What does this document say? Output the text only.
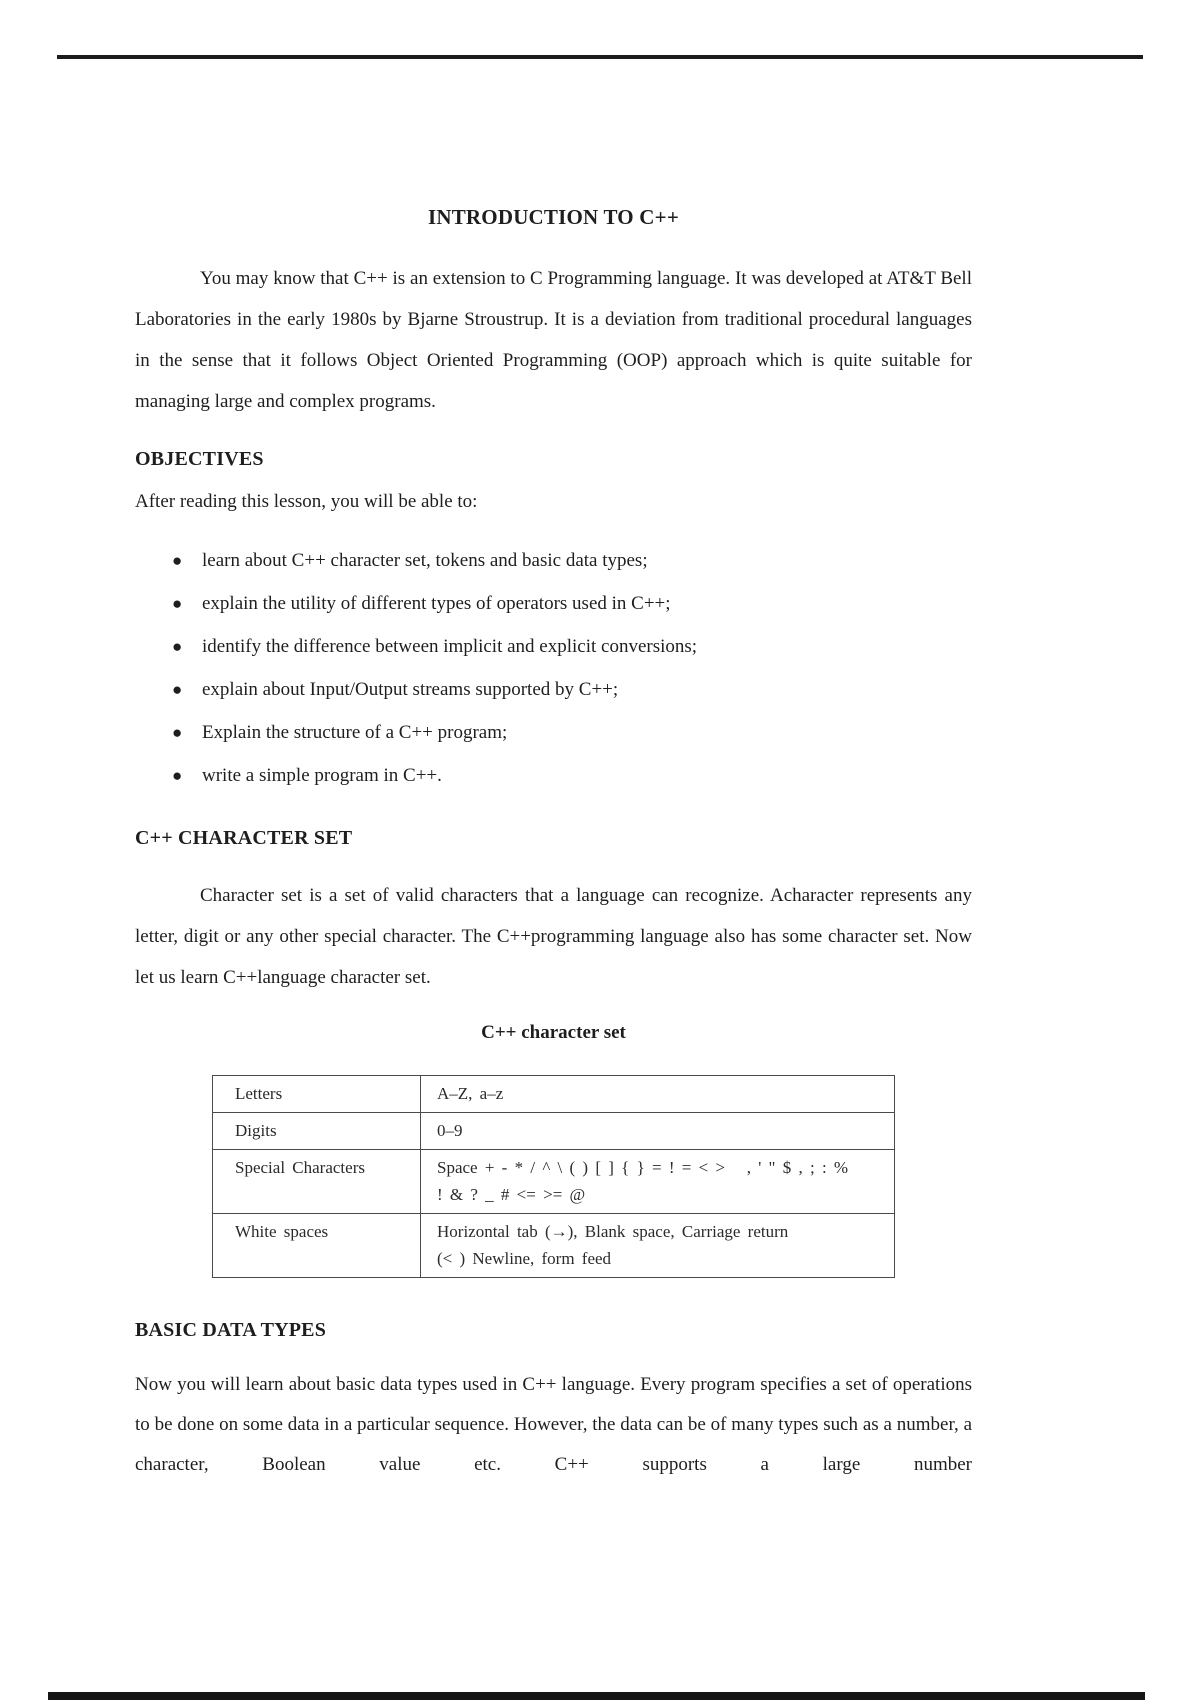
INTRODUCTION TO C++

You may know that C++ is an extension to C Programming language. It was developed at AT&T Bell Laboratories in the early 1980s by Bjarne Stroustrup. It is a deviation from traditional procedural languages in the sense that it follows Object Oriented Programming (OOP) approach which is quite suitable for managing large and complex programs.

OBJECTIVES

After reading this lesson, you will be able to:

●	learn about C++ character set, tokens and basic data types;
●	explain the utility of different types of operators used in C++;
●	identify the difference between implicit and explicit conversions;
●	explain about Input/Output streams supported by C++;
●	Explain the structure of a C++ program;
●	write a simple program in C++.
C++ CHARACTER SET

Character set is a set of valid characters that a language can recognize. Acharacter represents any letter, digit or any other special character. The C++programming language also has some character set. Now let us learn C++language character set.

C++ character set
Letters	A–Z, a–z

Digits	0–9

Special Characters	Space + - * / ^ \ ( ) [ ] { } = ! = < >   , ' " $ , ; : %
! & ? _ # <= >= @

White spaces	Horizontal tab (→), Blank space, Carriage return
(< ) Newline, form feed
BASIC DATA TYPES

Now you will learn about basic data types used in C++ language. Every program specifies a set of operations to be done on some data in a particular sequence. However, the data can be of many types such as a number, a character, Boolean value etc. C++ supports a large number
